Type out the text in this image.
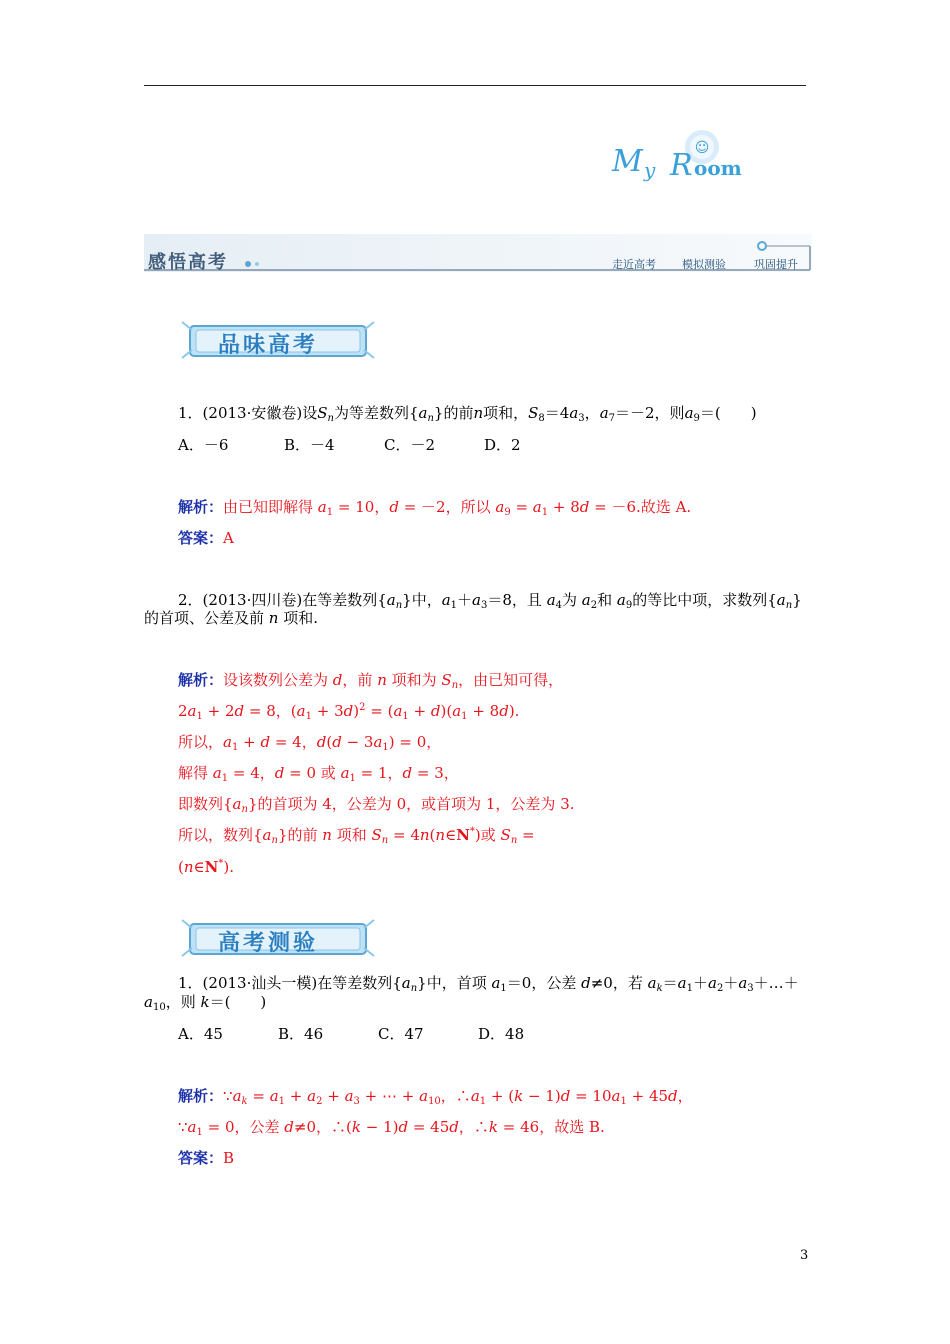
☺
M y R oom
感悟高考	走近高考 模拟测验	巩固提升
品味高考
1．(2013·安徽卷)设$S_n$为等差数列$\{a_n\}$的前n项和，$S_8=4a_3$，$a_7=-2$，则$a_9=$(　　)
A．－6	B．－4	C．－2	D．2
解析：由已知即解得 $a_1 = 10$，d = －2，所以 $a_9 = a_1 + 8d = -6$.故选 A.
答案：A
2．(2013·四川卷)在等差数列$\{a_n\}$中，$a_1+a_3=8$，且 $a_4$为 $a_2$和 $a_9$的等比中项，求数列$\{a_n\}$
的首项、公差及前 n 项和.
解析：设该数列公差为 d，前 n 项和为 $S_n$，由已知可得，
$2a_1 + 2d = 8$，$(a_1 + 3d)^2 = (a_1 + d)(a_1 + 8d)$.
所以，$a_1 + d = 4$，$d(d - 3a_1) = 0$，
解得 $a_1 = 4$，d = 0 或 $a_1 = 1$，d = 3，
即数列$\{a_n\}$的首项为 4，公差为 0，或首项为 1，公差为 3.
所以，数列$\{a_n\}$的前 n 项和 $S_n$ = 4n(n∈N*)或 $S_n$ =
(n∈N*).
高考测验
1．(2013·汕头一模)在等差数列$\{a_n\}$中，首项 $a_1=0$，公差 d≠0，若 $a_k=a_1+a_2+a_3+\dots+$
$a_{10}$，则 k＝(　　)
A．45	B．46	C．47	D．48
解析：$\because a_k = a_1 + a_2 + a_3$ + ⋯ + $a_{10}$，$\therefore a_1 + (k - 1)d = 10a_1 + 45d$，
$\because a_1 = 0$，公差 d≠0，∴(k − 1)d = 45d，∴k = 46，故选 B.
答案：B
3
